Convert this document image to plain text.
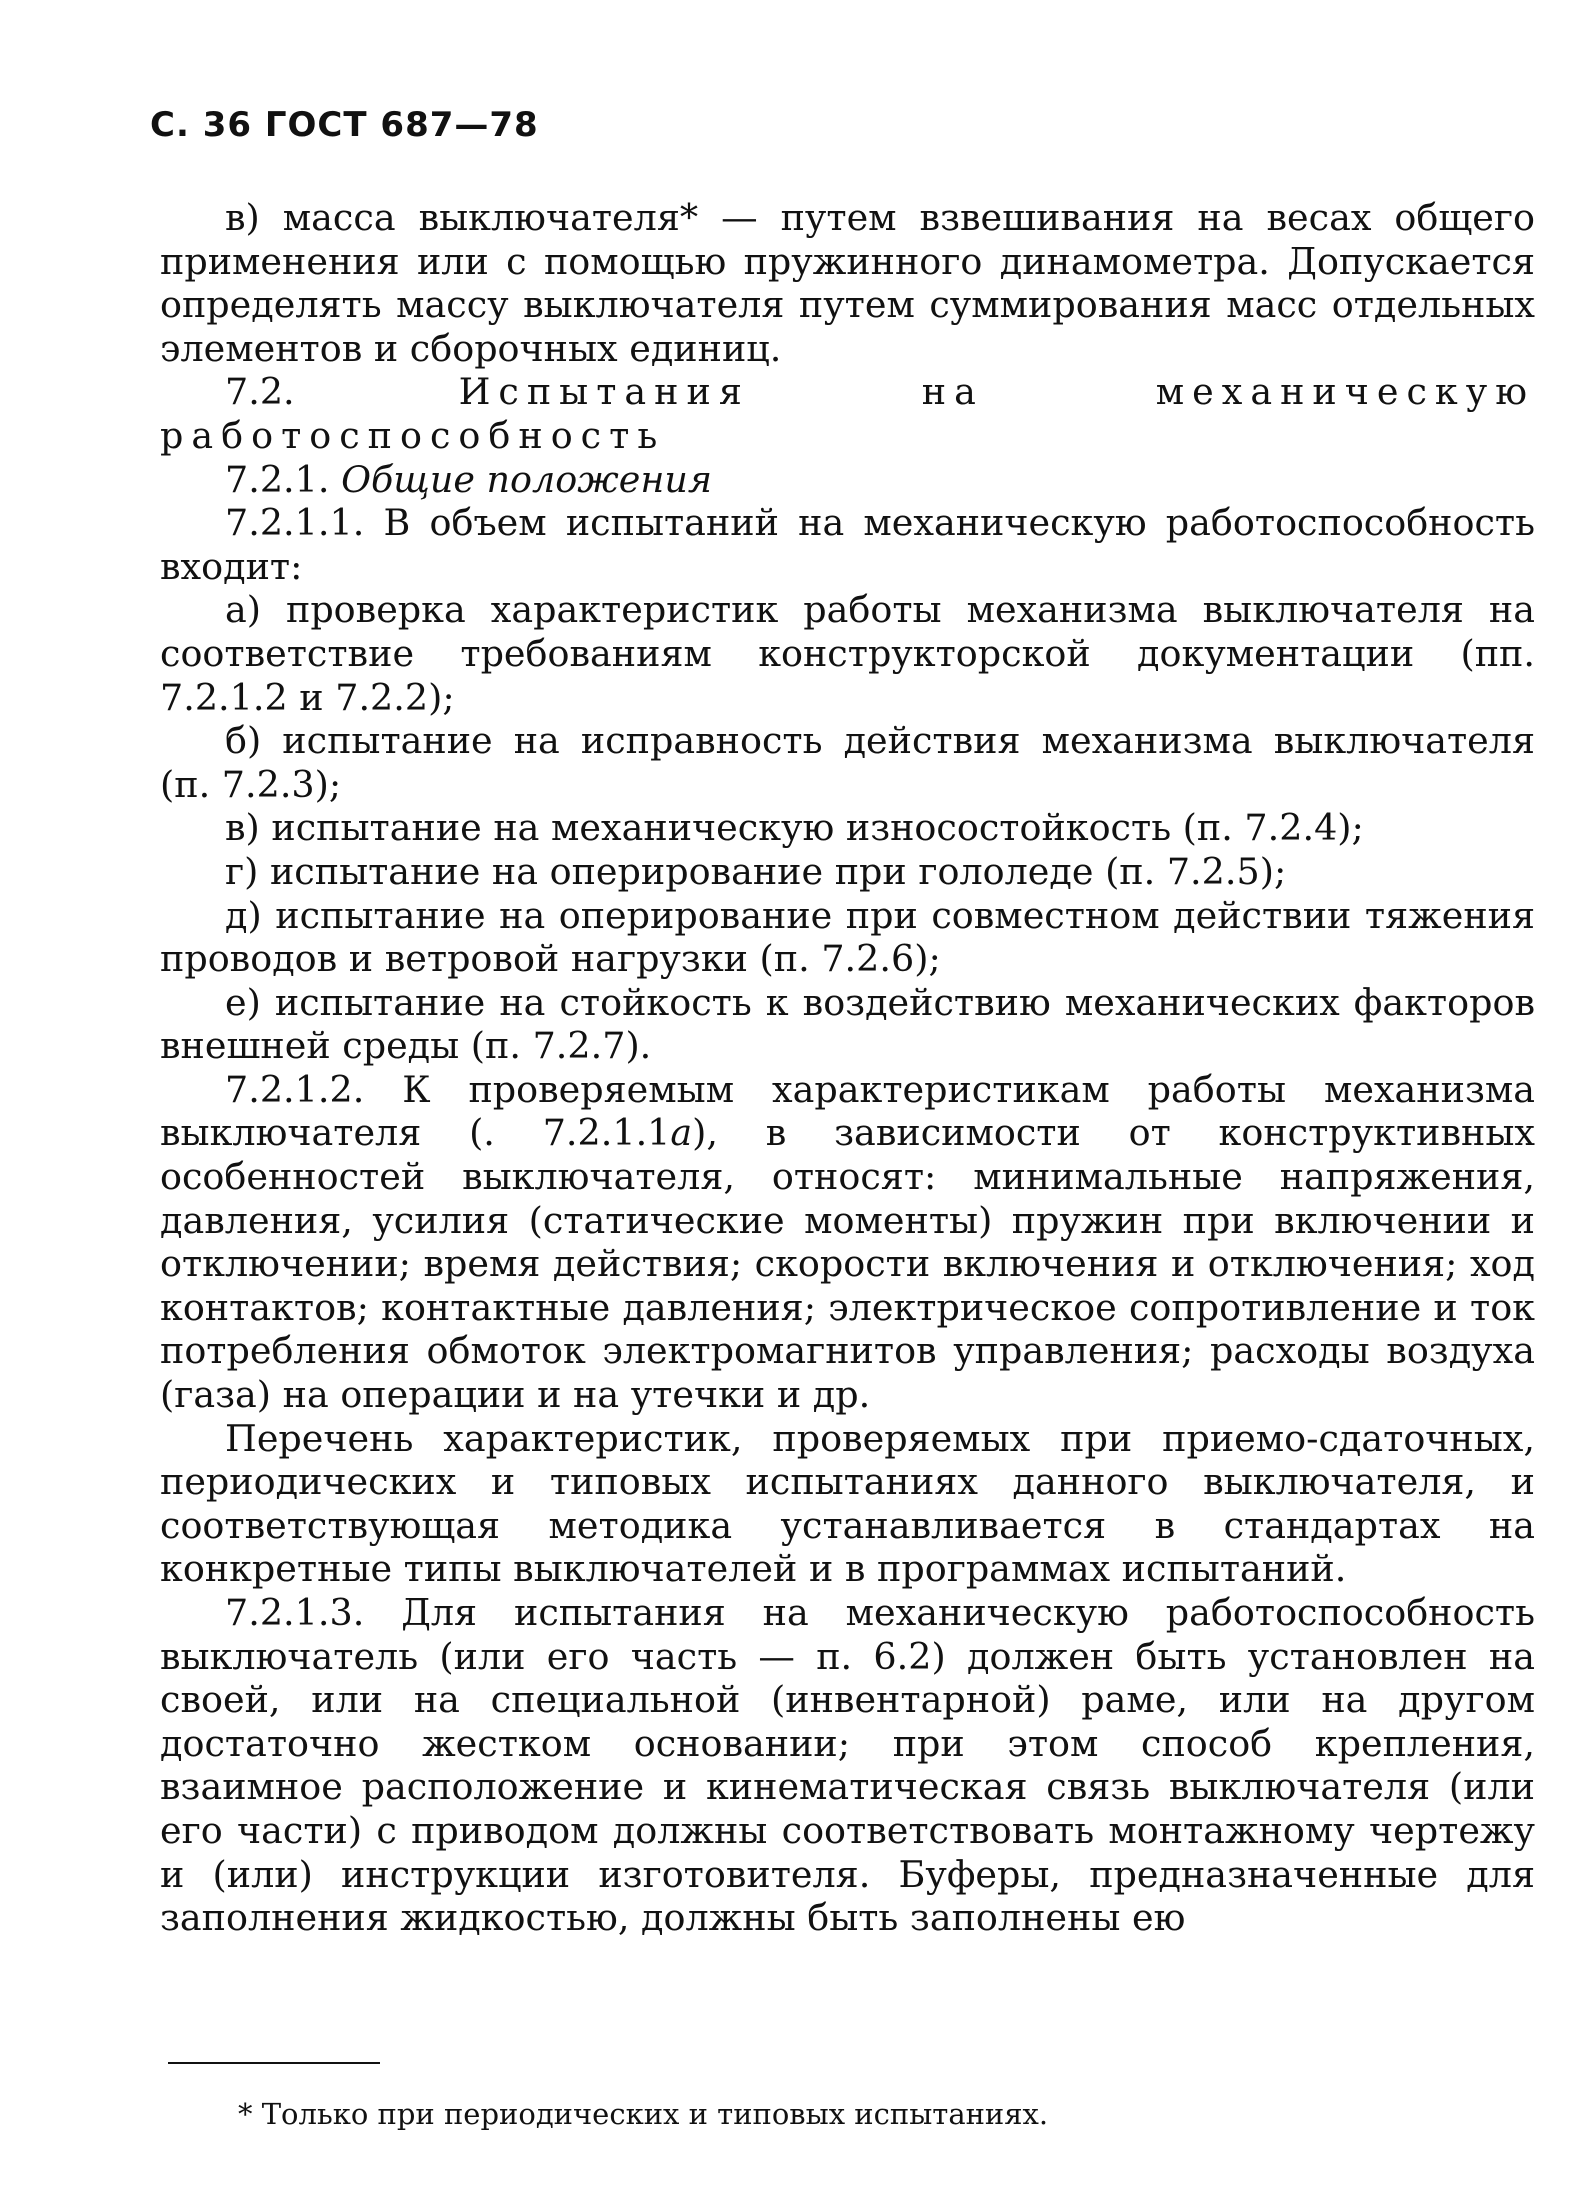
С. 36 ГОСТ 687—78

в) масса выключателя* — путем взвешивания на весах общего применения или с помощью пружинного динамометра. Допускается определять массу выключателя путем суммирования масс отдельных элементов и сборочных единиц.

7.2.	Испытания на механическую работоспособность

7.2.1. Общие положения

7.2.1.1. В объем испытаний на механическую работоспособность входит:

а) проверка характеристик работы механизма выключателя на соответствие требованиям конструкторской документации (пп. 7.2.1.2 и 7.2.2);

б) испытание на исправность действия механизма выключателя (п. 7.2.3);

в) испытание на механическую износостойкость (п. 7.2.4);

г) испытание на оперирование при гололеде (п. 7.2.5);

д) испытание на оперирование при совместном действии тяжения проводов и ветровой нагрузки (п. 7.2.6);

е) испытание на стойкость к воздействию механических факторов внешней среды (п. 7.2.7).

7.2.1.2. К проверяемым характеристикам работы механизма выключателя (. 7.2.1.1а), в зависимости от конструктивных особенностей выключателя, относят: минимальные напряжения, давления, усилия (статические моменты) пружин при включении и отключении; время действия; скорости включения и отключения; ход контактов; контактные давления; электрическое сопротивление и ток потребления обмоток электромагнитов управления; расходы воздуха (газа) на операции и на утечки и др.

Перечень характеристик, проверяемых при приемо-сдаточных, периодических и типовых испытаниях данного выключателя, и соответствующая методика устанавливается в стандартах на конкретные типы выключателей и в программах испытаний.

7.2.1.3. Для испытания на механическую работоспособность выключатель (или его часть — п. 6.2) должен быть установлен на своей, или на специальной (инвентарной) раме, или на другом достаточно жестком основании; при этом способ крепления, взаимное расположение и кинематическая связь выключателя (или его части) с приводом должны соответствовать монтажному чертежу и (или) инструкции изготовителя. Буферы, предназначенные для заполнения жидкостью, должны быть заполнены ею

* Только при периодических и типовых испытаниях.
